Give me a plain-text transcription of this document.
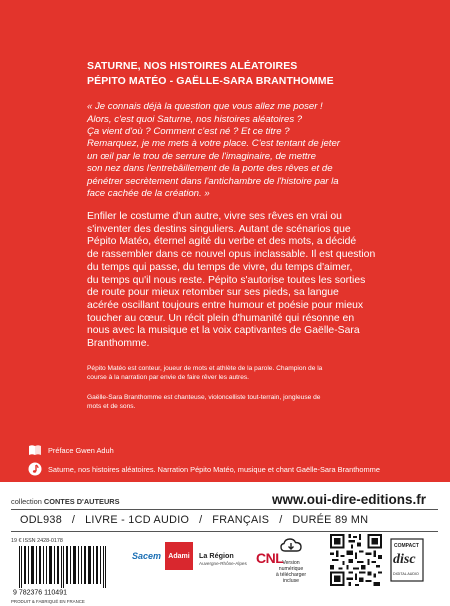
SATURNE, NOS HISTOIRES ALÉATOIRES
PÉPITO MATÉO - GAËLLE-SARA BRANTHOMME
« Je connais déjà la question que vous allez me poser !
Alors, c'est quoi Saturne, nos histoires aléatoires ?
Ça vient d'où ? Comment c'est né ? Et ce titre ?
Remarquez, je me mets à votre place. C'est tentant de jeter
un œil par le trou de serrure de l'imaginaire, de mettre
son nez dans l'entrebâillement de la porte des rêves et de
pénétrer secrètement dans l'antichambre de l'histoire par la
face cachée de la création. »
Enfiler le costume d'un autre, vivre ses rêves en vrai ou
s'inventer des destins singuliers. Autant de scénarios que
Pépito Matéo, éternel agité du verbe et des mots, a décidé
de rassembler dans ce nouvel opus inclassable. Il est question
du temps qui passe, du temps de vivre, du temps d'aimer,
du temps qu'il nous reste. Pépito s'autorise toutes les sorties
de route pour mieux retomber sur ses pieds, sa langue
acérée oscillant toujours entre humour et poésie pour mieux
toucher au cœur. Un récit plein d'humanité qui résonne en
nous avec la musique et la voix captivantes de Gaëlle-Sara
Branthomme.
Pépito Matéo est conteur, joueur de mots et athlète de la parole. Champion de la
course à la narration par envie de faire rêver les autres.
Gaëlle-Sara Branthomme est chanteuse, violoncelliste tout-terrain, jongleuse de
mots et de sons.
Préface Gwen Aduh
Saturne, nos histoires aléatoires. Narration Pépito Matéo, musique et chant Gaëlle-Sara Branthomme
collection CONTES D'AUTEURS	www.oui-dire-editions.fr
ODL938   /   LIVRE - 1CD AUDIO   /   FRANÇAIS   /   DURÉE 89 MN
19 € ISSN 2428-0178
9 782376 110491
PRODUIT & FABRIQUÉ EN FRANCE
Sacem	Adami	La Région
Auvergne-Rhône-Alpes CNL Version numérique
à télécharger
incluse
COMPACT
disc
DIGITAL AUDIO
